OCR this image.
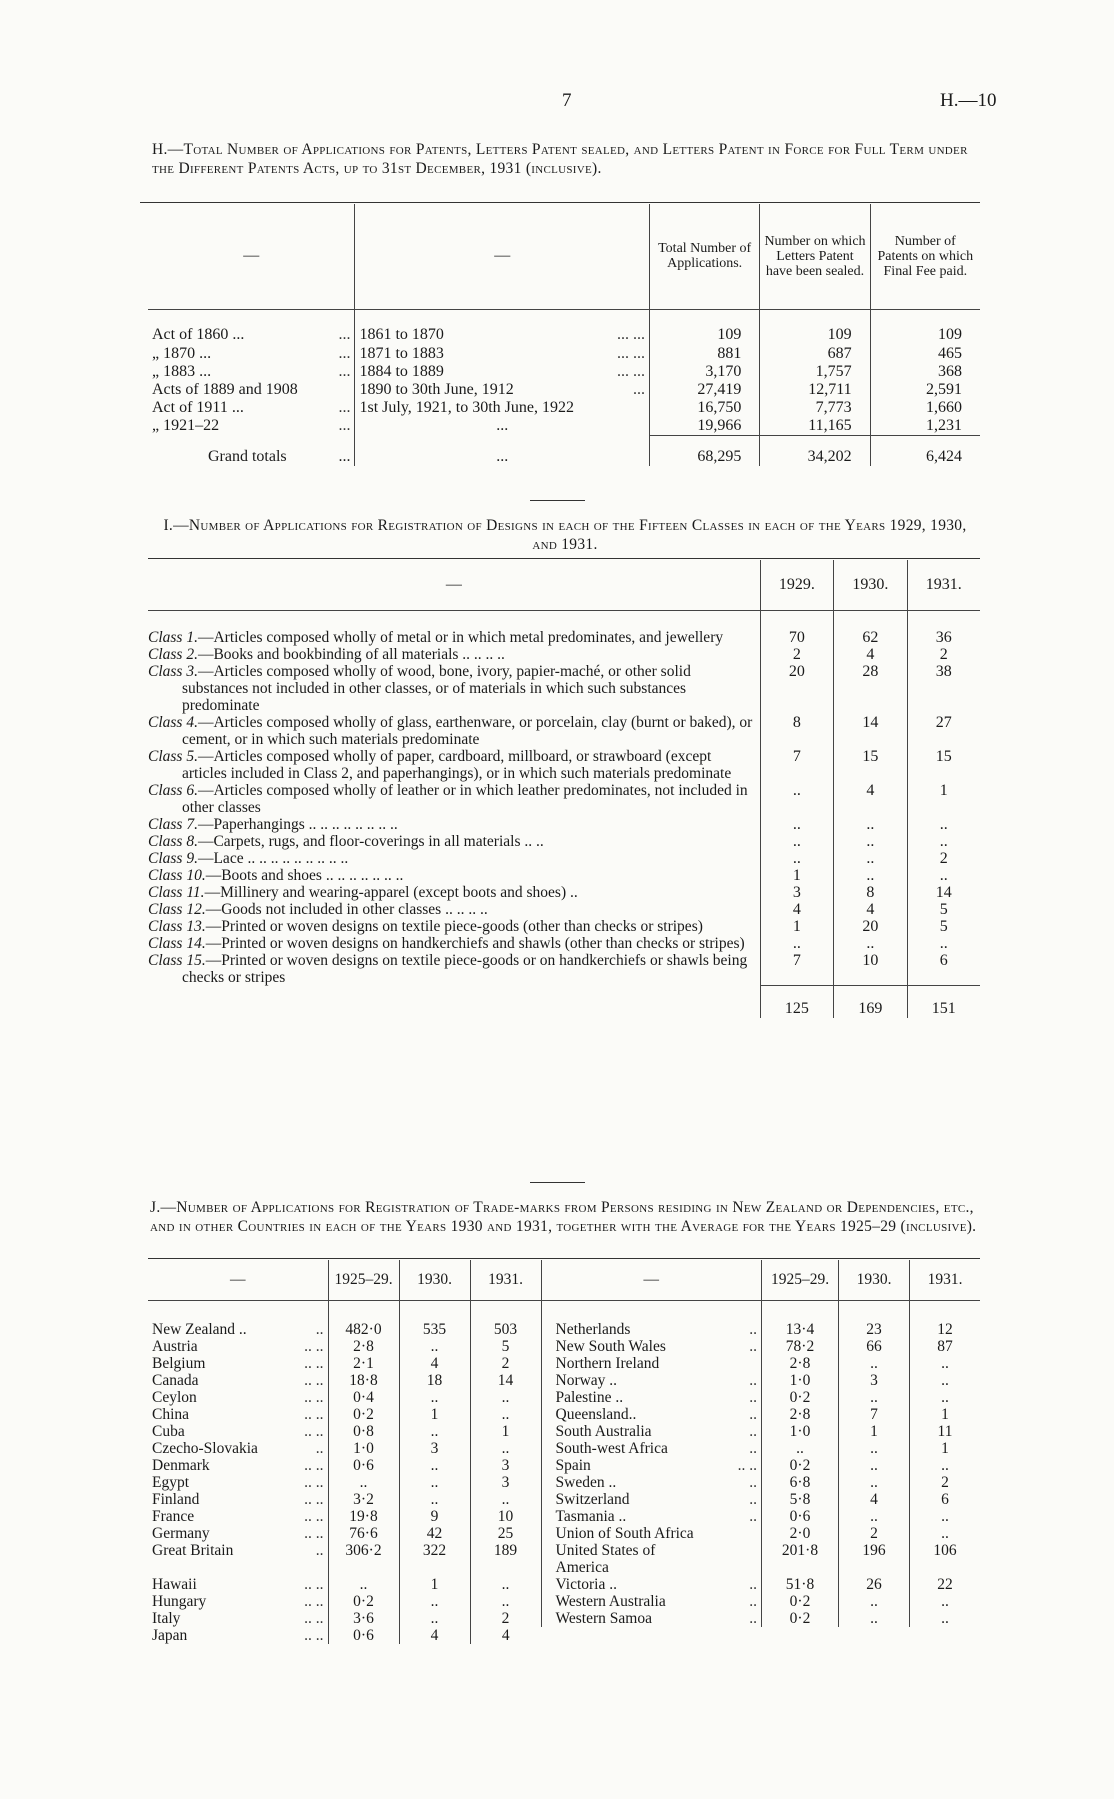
7	H.—10
H.—Total Number of Applications for Patents, Letters Patent sealed, and Letters Patent in Force for Full Term under the Different Patents Acts, up to 31st December, 1931 (inclusive).
—	—	Total Number of Applications.	Number on which Letters Patent have been sealed.	Number of Patents on which Final Fee paid.
Act of 1860 ... ...	1861 to 1870 ... ...	109	109	109
„ 1870 ... ...	1871 to 1883 ... ...	881	687	465
„ 1883 ... ...	1884 to 1889 ... ...	3,170	1,757	368
Acts of 1889 and 1908	1890 to 30th June, 1912 ...	27,419	12,711	2,591
Act of 1911 ... ...	1st July, 1921, to 30th June, 1922	16,750	7,773	1,660
„ 1921–22 ...	...	19,966	11,165	1,231
Grand totals ...	...	68,295	34,202	6,424
I.—Number of Applications for Registration of Designs in each of the Fifteen Classes in each of the Years 1929, 1930, and 1931.
—	1929.	1930.	1931.
Class 1.—Articles composed wholly of metal or in which metal predominates, and jewellery	70	62	36
Class 2.—Books and bookbinding of all materials .. .. .. ..	2	4	2
Class 3.—Articles composed wholly of wood, bone, ivory, papier-maché, or other solid substances not included in other classes, or of materials in which such substances predominate	20	28	38
Class 4.—Articles composed wholly of glass, earthenware, or porcelain, clay (burnt or baked), or cement, or in which such materials predominate	8	14	27
Class 5.—Articles composed wholly of paper, cardboard, millboard, or strawboard (except articles included in Class 2, and paperhangings), or in which such materials predominate	7	15	15
Class 6.—Articles composed wholly of leather or in which leather predominates, not included in other classes	..	4	1
Class 7.—Paperhangings .. .. .. .. .. .. .. ..	..	..	..
Class 8.—Carpets, rugs, and floor-coverings in all materials .. ..	..	..	..
Class 9.—Lace .. .. .. .. .. .. .. .. ..	..	..	2
Class 10.—Boots and shoes .. .. .. .. .. .. ..	1	..	..
Class 11.—Millinery and wearing-apparel (except boots and shoes) ..	3	8	14
Class 12.—Goods not included in other classes .. .. .. ..	4	4	5
Class 13.—Printed or woven designs on textile piece-goods (other than checks or stripes)	1	20	5
Class 14.—Printed or woven designs on handkerchiefs and shawls (other than checks or stripes)	..	..	..
Class 15.—Printed or woven designs on textile piece-goods or on handkerchiefs or shawls being checks or stripes	7	10	6
	125	169	151
J.—Number of Applications for Registration of Trade-marks from Persons residing in New Zealand or Dependencies, etc., and in other Countries in each of the Years 1930 and 1931, together with the Average for the Years 1925–29 (inclusive).
—		1925–29.	1930.	1931.	—		1925–29.	1930.	1931.
New Zealand ..	..	482·0	535	503	Netherlands	..	13·4	23	12
Austria	.. ..	2·8	..	5	New South Wales	..	78·2	66	87
Belgium	.. ..	2·1	4	2	Northern Ireland		2·8	..	..
Canada	.. ..	18·8	18	14	Norway ..	..	1·0	3	..
Ceylon	.. ..	0·4	..	..	Palestine ..	..	0·2	..	..
China	.. ..	0·2	1	..	Queensland..	..	2·8	7	1
Cuba	.. ..	0·8	..	1	South Australia	..	1·0	1	11
Czecho-Slovakia	..	1·0	3	..	South-west Africa	..	..	..	1
Denmark	.. ..	0·6	..	3	Spain	.. ..	0·2	..	..
Egypt	.. ..	..	..	3	Sweden ..	..	6·8	..	2
Finland	.. ..	3·2	..	..	Switzerland	..	5·8	4	6
France	.. ..	19·8	9	10	Tasmania ..	..	0·6	..	..
Germany	.. ..	76·6	42	25	Union of South Africa		2·0	2	..
Great Britain	..	306·2	322	189	United States of America		201·8	196	106
Hawaii	.. ..	..	1	..	Victoria ..	..	51·8	26	22
Hungary	.. ..	0·2	..	..	Western Australia	..	0·2	..	..
Italy	.. ..	3·6	..	2	Western Samoa	..	0·2	..	..
Japan	.. ..	0·6	4	4					
